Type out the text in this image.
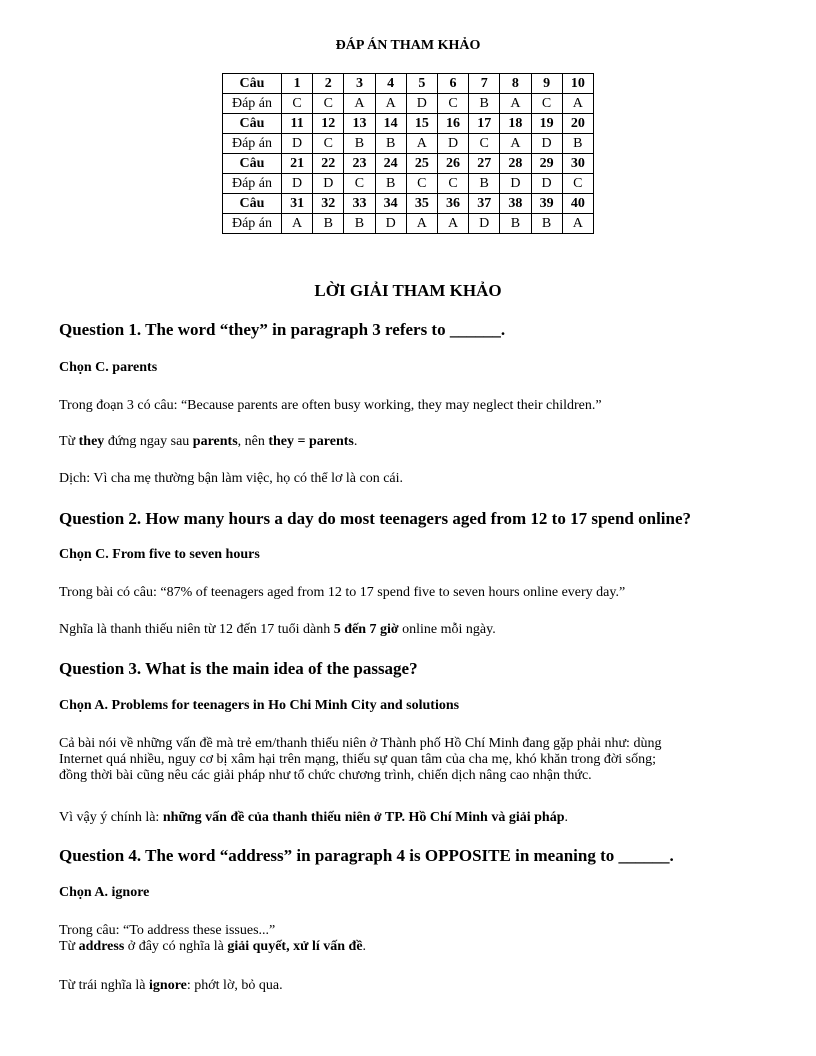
ĐÁP ÁN THAM KHẢO
Câu	1	2	3	4	5	6	7	8	9	10
Đáp án	C	C	A	A	D	C	B	A	C	A
Câu	11	12	13	14	15	16	17	18	19	20
Đáp án	D	C	B	B	A	D	C	A	D	B
Câu	21	22	23	24	25	26	27	28	29	30
Đáp án	D	D	C	B	C	C	B	D	D	C
Câu	31	32	33	34	35	36	37	38	39	40
Đáp án	A	B	B	D	A	A	D	B	B	A
LỜI GIẢI THAM KHẢO
Question 1. The word “they” in paragraph 3 refers to ______.
Chọn C. parents
Trong đoạn 3 có câu: “Because parents are often busy working, they may neglect their children.”
Từ they đứng ngay sau parents, nên they = parents.
Dịch: Vì cha mẹ thường bận làm việc, họ có thể lơ là con cái.
Question 2. How many hours a day do most teenagers aged from 12 to 17 spend online?
Chọn C. From five to seven hours
Trong bài có câu: “87% of teenagers aged from 12 to 17 spend five to seven hours online every day.”
Nghĩa là thanh thiếu niên từ 12 đến 17 tuổi dành 5 đến 7 giờ online mỗi ngày.
Question 3. What is the main idea of the passage?
Chọn A. Problems for teenagers in Ho Chi Minh City and solutions
Cả bài nói về những vấn đề mà trẻ em/thanh thiếu niên ở Thành phố Hồ Chí Minh đang gặp phải như: dùng
Internet quá nhiều, nguy cơ bị xâm hại trên mạng, thiếu sự quan tâm của cha mẹ, khó khăn trong đời sống;
đồng thời bài cũng nêu các giải pháp như tổ chức chương trình, chiến dịch nâng cao nhận thức.
Vì vậy ý chính là: những vấn đề của thanh thiếu niên ở TP. Hồ Chí Minh và giải pháp.
Question 4. The word “address” in paragraph 4 is OPPOSITE in meaning to ______.
Chọn A. ignore
Trong câu: “To address these issues...”
Từ address ở đây có nghĩa là giải quyết, xử lí vấn đề.
Từ trái nghĩa là ignore: phớt lờ, bỏ qua.
